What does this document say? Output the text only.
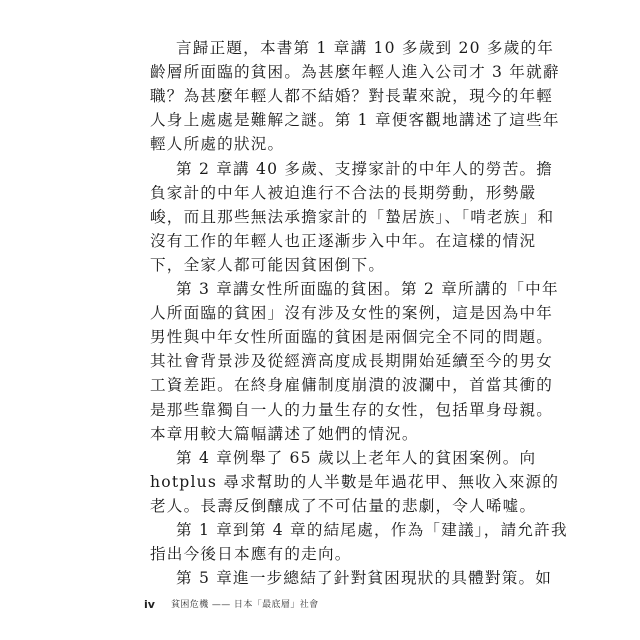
言歸正題，本書第 1 章講 10 多歲到 20 多歲的年
齡層所面臨的貧困。為甚麼年輕人進入公司才 3 年就辭
職？為甚麼年輕人都不結婚？對長輩來說，現今的年輕
人身上處處是難解之謎。第 1 章便客觀地講述了這些年
輕人所處的狀況。
第 2 章講 40 多歲、支撐家計的中年人的勞苦。擔
負家計的中年人被迫進行不合法的長期勞動，形勢嚴
峻，而且那些無法承擔家計的「蟄居族」、「啃老族」和
沒有工作的年輕人也正逐漸步入中年。在這樣的情況
下，全家人都可能因貧困倒下。
第 3 章講女性所面臨的貧困。第 2 章所講的「中年
人所面臨的貧困」沒有涉及女性的案例，這是因為中年
男性與中年女性所面臨的貧困是兩個完全不同的問題。
其社會背景涉及從經濟高度成長期開始延續至今的男女
工資差距。在終身雇傭制度崩潰的波瀾中，首當其衝的
是那些靠獨自一人的力量生存的女性，包括單身母親。
本章用較大篇幅講述了她們的情況。
第 4 章例舉了 65 歲以上老年人的貧困案例。向
hotplus 尋求幫助的人半數是年過花甲、無收入來源的
老人。長壽反倒釀成了不可估量的悲劇，令人唏噓。
第 1 章到第 4 章的結尾處，作為「建議」，請允許我
指出今後日本應有的走向。
第 5 章進一步總結了針對貧困現狀的具體對策。如
iv 貧困危機 —— 日本「最底層」社會
